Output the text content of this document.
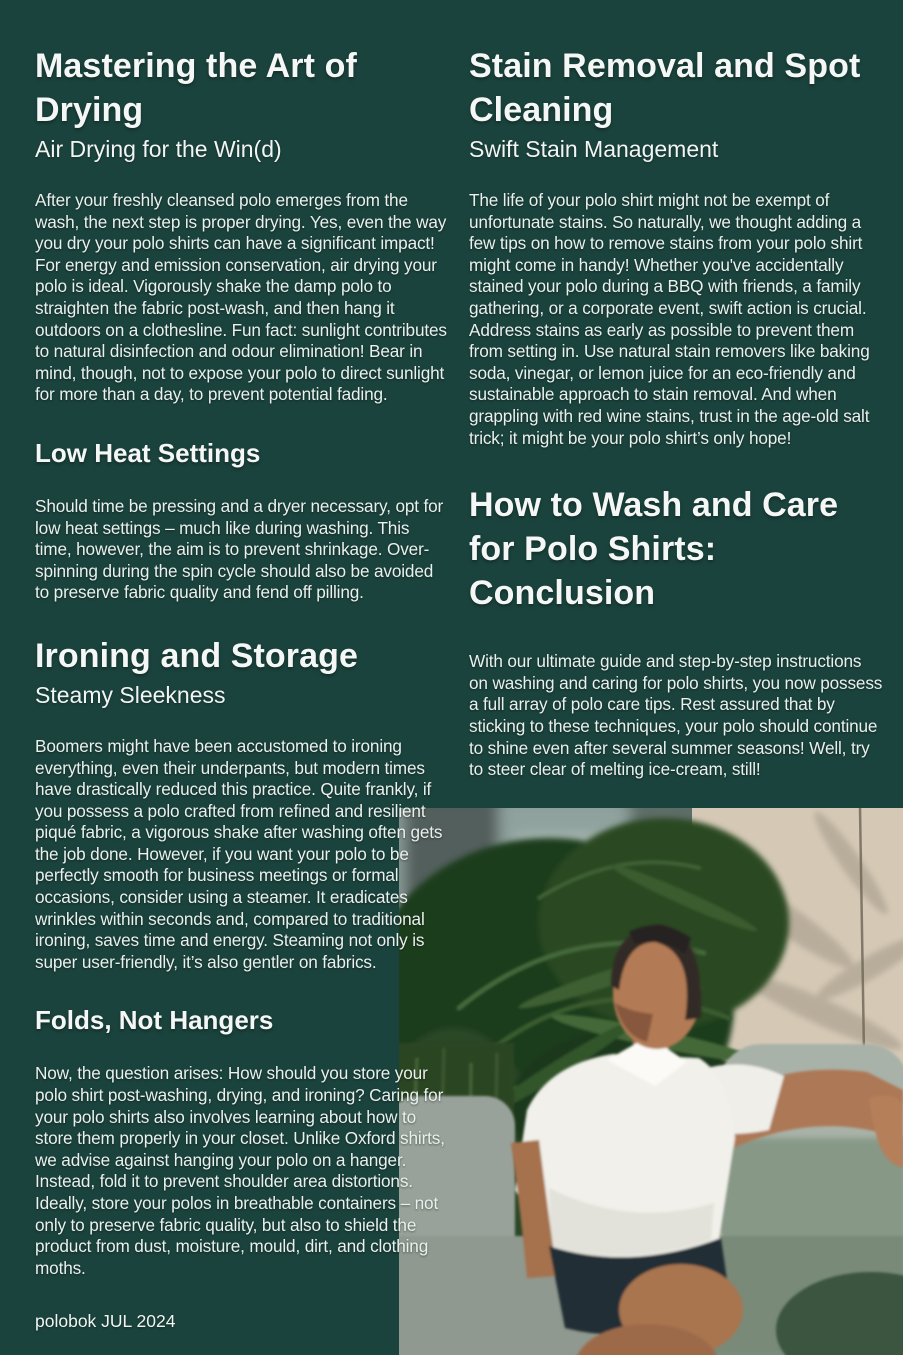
Mastering the Art of Drying
Air Drying for the Win(d)

After your freshly cleansed polo emerges from the wash, the next step is proper drying. Yes, even the way you dry your polo shirts can have a significant impact! For energy and emission conservation, air drying your polo is ideal. Vigorously shake the damp polo to straighten the fabric post-wash, and then hang it outdoors on a clothesline. Fun fact: sunlight contributes to natural disinfection and odour elimination! Bear in mind, though, not to expose your polo to direct sunlight for more than a day, to prevent potential fading.

Low Heat Settings

Should time be pressing and a dryer necessary, opt for low heat settings – much like during washing. This time, however, the aim is to prevent shrinkage. Over-spinning during the spin cycle should also be avoided to preserve fabric quality and fend off pilling.

Ironing and Storage
Steamy Sleekness

Boomers might have been accustomed to ironing everything, even their underpants, but modern times have drastically reduced this practice. Quite frankly, if you possess a polo crafted from refined and resilient piqué fabric, a vigorous shake after washing often gets the job done. However, if you want your polo to be perfectly smooth for business meetings or formal occasions, consider using a steamer. It eradicates wrinkles within seconds and, compared to traditional ironing, saves time and energy. Steaming not only is super user-friendly, it’s also gentler on fabrics.

Folds, Not Hangers

Now, the question arises: How should you store your polo shirt post-washing, drying, and ironing? Caring for your polo shirts also involves learning about how to store them properly in your closet. Unlike Oxford shirts, we advise against hanging your polo on a hanger. Instead, fold it to prevent shoulder area distortions. Ideally, store your polos in breathable containers – not only to preserve fabric quality, but also to shield the product from dust, moisture, mould, dirt, and clothing moths.

Stain Removal and Spot Cleaning
Swift Stain Management

The life of your polo shirt might not be exempt of unfortunate stains. So naturally, we thought adding a few tips on how to remove stains from your polo shirt might come in handy! Whether you've accidentally stained your polo during a BBQ with friends, a family gathering, or a corporate event, swift action is crucial. Address stains as early as possible to prevent them from setting in. Use natural stain removers like baking soda, vinegar, or lemon juice for an eco-friendly and sustainable approach to stain removal. And when grappling with red wine stains, trust in the age-old salt trick; it might be your polo shirt’s only hope!

How to Wash and Care for Polo Shirts: Conclusion

With our ultimate guide and step-by-step instructions on washing and caring for polo shirts, you now possess a full array of polo care tips. Rest assured that by sticking to these techniques, your polo should continue to shine even after several summer seasons! Well, try to steer clear of melting ice-cream, still!

polobok JUL 2024
